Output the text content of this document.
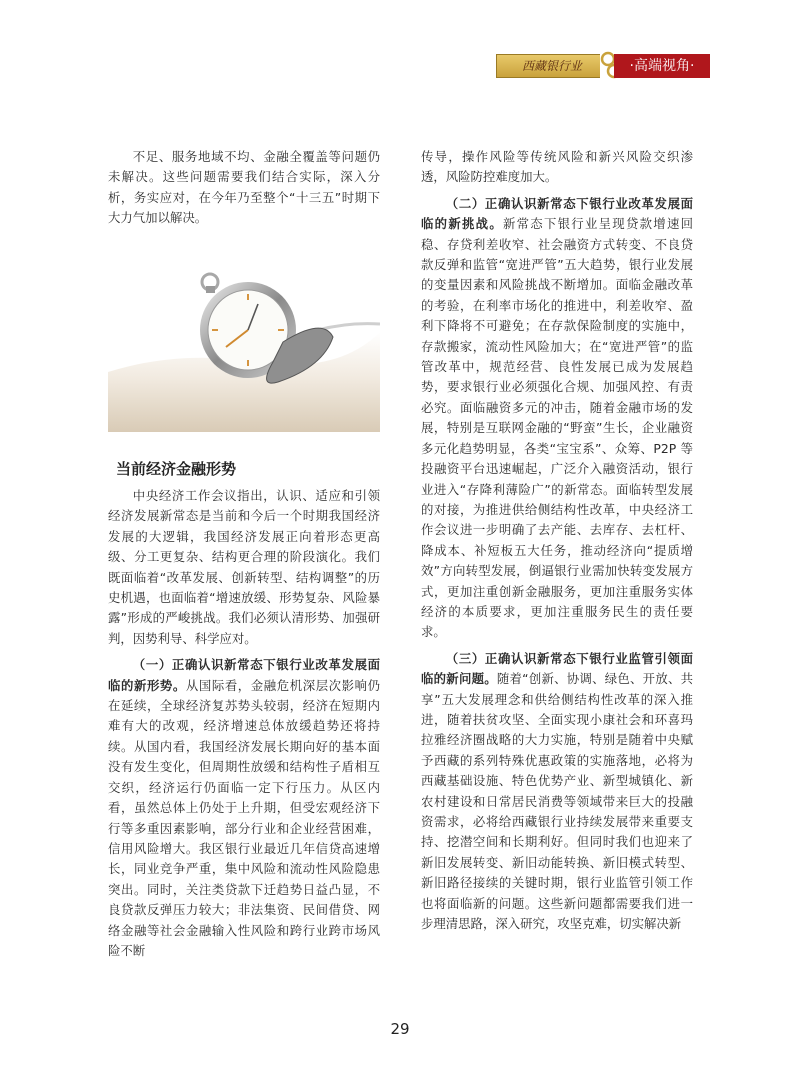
西藏银行业	·高端视角·

不足、服务地域不均、金融全覆盖等问题仍未解决。这些问题需要我们结合实际，深入分析，务实应对，在今年乃至整个“十三五”时期下大力气加以解决。

当前经济金融形势

中央经济工作会议指出，认识、适应和引领经济发展新常态是当前和今后一个时期我国经济发展的大逻辑，我国经济发展正向着形态更高级、分工更复杂、结构更合理的阶段演化。我们既面临着“改革发展、创新转型、结构调整”的历史机遇，也面临着“增速放缓、形势复杂、风险暴露”形成的严峻挑战。我们必须认清形势、加强研判，因势利导、科学应对。

（一）正确认识新常态下银行业改革发展面临的新形势。从国际看，金融危机深层次影响仍在延续，全球经济复苏势头较弱，经济在短期内难有大的改观，经济增速总体放缓趋势还将持续。从国内看，我国经济发展长期向好的基本面没有发生变化，但周期性放缓和结构性子盾相互交织，经济运行仍面临一定下行压力。从区内看，虽然总体上仍处于上升期，但受宏观经济下行等多重因素影响，部分行业和企业经营困难，信用风险增大。我区银行业最近几年信贷高速增长，同业竞争严重，集中风险和流动性风险隐患突出。同时，关注类贷款下迁趋势日益凸显，不良贷款反弹压力较大；非法集资、民间借贷、网络金融等社会金融输入性风险和跨行业跨市场风险不断

传导，操作风险等传统风险和新兴风险交织渗透，风险防控难度加大。

（二）正确认识新常态下银行业改革发展面临的新挑战。新常态下银行业呈现贷款增速回稳、存贷利差收窄、社会融资方式转变、不良贷款反弹和监管“宽进严管”五大趋势，银行业发展的变量因素和风险挑战不断增加。面临金融改革的考验，在利率市场化的推进中，利差收窄、盈利下降将不可避免；在存款保险制度的实施中，存款搬家，流动性风险加大；在“宽进严管”的监管改革中，规范经营、良性发展已成为发展趋势，要求银行业必须强化合规、加强风控、有责必究。面临融资多元的冲击，随着金融市场的发展，特别是互联网金融的“野蛮”生长，企业融资多元化趋势明显，各类“宝宝系”、众筹、P2P 等投融资平台迅速崛起，广泛介入融资活动，银行业进入“存降利薄险广”的新常态。面临转型发展的对接，为推进供给侧结构性改革，中央经济工作会议进一步明确了去产能、去库存、去杠杆、降成本、补短板五大任务，推动经济向“提质增效”方向转型发展，倒逼银行业需加快转变发展方式，更加注重创新金融服务，更加注重服务实体经济的本质要求，更加注重服务民生的责任要求。

（三）正确认识新常态下银行业监管引领面临的新问题。随着“创新、协调、绿色、开放、共享”五大发展理念和供给侧结构性改革的深入推进，随着扶贫攻坚、全面实现小康社会和环喜玛拉雅经济圈战略的大力实施，特别是随着中央赋予西藏的系列特殊优惠政策的实施落地，必将为西藏基础设施、特色优势产业、新型城镇化、新农村建设和日常居民消费等领域带来巨大的投融资需求，必将给西藏银行业持续发展带来重要支持、挖潜空间和长期利好。但同时我们也迎来了新旧发展转变、新旧动能转换、新旧模式转型、新旧路径接续的关键时期，银行业监管引领工作也将面临新的问题。这些新问题都需要我们进一步理清思路，深入研究，攻坚克难，切实解决新

29
